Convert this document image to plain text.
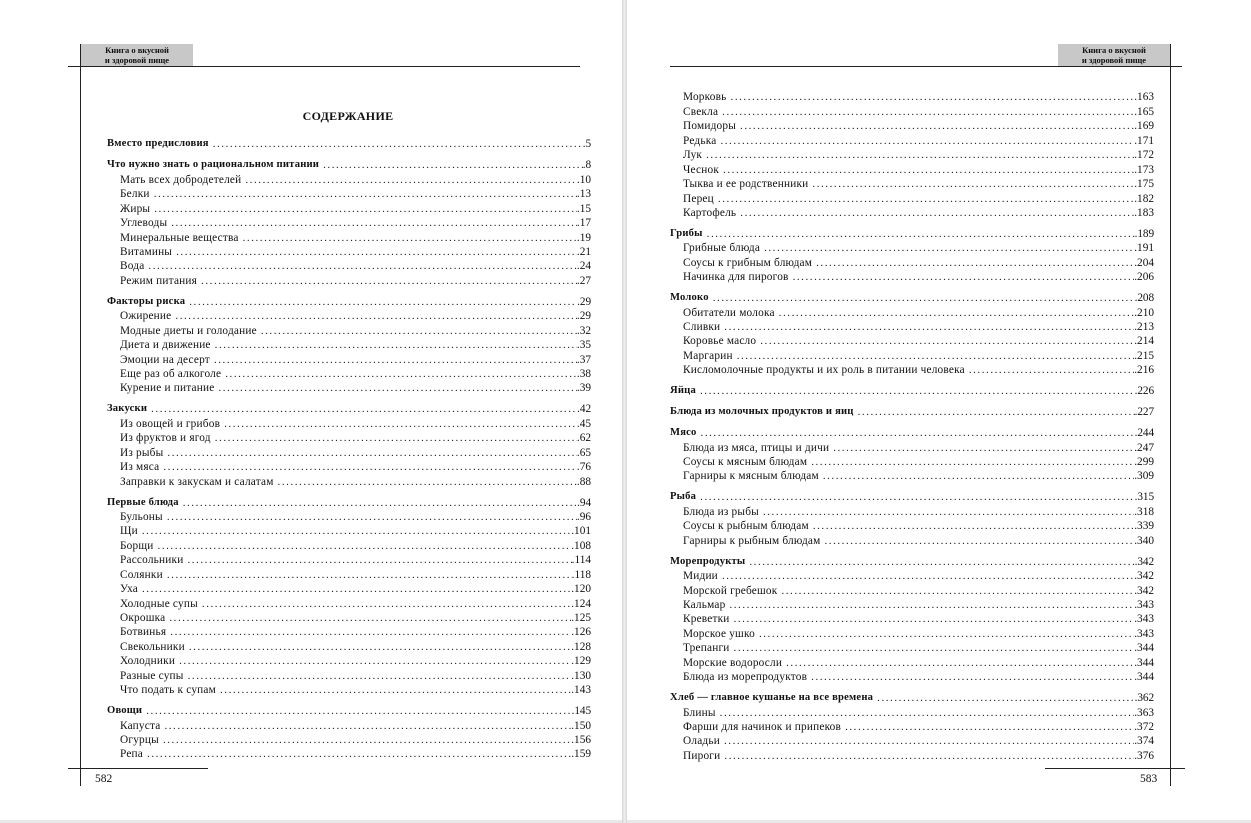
Книга о вкусной
и здоровой пище
582
СОДЕРЖАНИЕ
Вместо предисловия . . .	.5
Что нужно знать о рациональном питании . . .	.8
Мать всех добродетелей . . .	.10
Белки . . .	.13
Жиры . . .	.15
Углеводы . . .	.17
Минеральные вещества . . .	.19
Витамины . . .	.21
Вода . . .	.24
Режим питания . . .	.27
Факторы риска . . .	.29
Ожирение . . .	.29
Модные диеты и голодание . . .	.32
Диета и движение . . .	.35
Эмоции на десерт . . .	.37
Еще раз об алкоголе . . .	.38
Курение и питание . . .	.39
Закуски . . .	.42
Из овощей и грибов . . .	.45
Из фруктов и ягод . . .	.62
Из рыбы . . .	.65
Из мяса . . .	.76
Заправки к закускам и салатам . . .	.88
Первые блюда . . .	.94
Бульоны . . .	.96
Щи . . .	.101
Борщи . . .	.108
Рассольники . . .	.114
Солянки . . .	.118
Уха . . .	.120
Холодные супы . . .	.124
Окрошка . . .	.125
Ботвинья . . .	.126
Свекольники . . .	.128
Холодники . . .	.129
Разные супы . . .	.130
Что подать к супам . . .	.143
Овощи . . .	.145
Капуста . . .	.150
Огурцы . . .	.156
Репа . . .	.159
Книга о вкусной
и здоровой пище
583
Морковь . . .	.163
Свекла . . .	.165
Помидоры . . .	.169
Редька . . .	.171
Лук . . .	.172
Чеснок . . .	.173
Тыква и ее родственники . . .	.175
Перец . . .	.182
Картофель . . .	.183
Грибы . . .	.189
Грибные блюда . . .	.191
Соусы к грибным блюдам . . .	.204
Начинка для пирогов . . .	.206
Молоко . . .	.208
Обитатели молока . . .	.210
Сливки . . .	.213
Коровье масло . . .	.214
Маргарин . . .	.215
Кисломолочные продукты и их роль в питании человека . . .	.216
Яйца . . .	.226
Блюда из молочных продуктов и яиц . . .	.227
Мясо . . .	.244
Блюда из мяса, птицы и дичи . . .	.247
Соусы к мясным блюдам . . .	.299
Гарниры к мясным блюдам . . .	.309
Рыба . . .	.315
Блюда из рыбы . . .	.318
Соусы к рыбным блюдам . . .	.339
Гарниры к рыбным блюдам . . .	.340
Морепродукты . . .	.342
Мидии . . .	.342
Морской гребешок . . .	.342
Кальмар . . .	.343
Креветки . . .	.343
Морское ушко . . .	.343
Трепанги . . .	.344
Морские водоросли . . .	.344
Блюда из морепродуктов . . .	.344
Хлеб — главное кушанье на все времена . . .	.362
Блины . . .	.363
Фарши для начинок и припеков . . .	.372
Оладьи . . .	.374
Пироги . . .	.376
